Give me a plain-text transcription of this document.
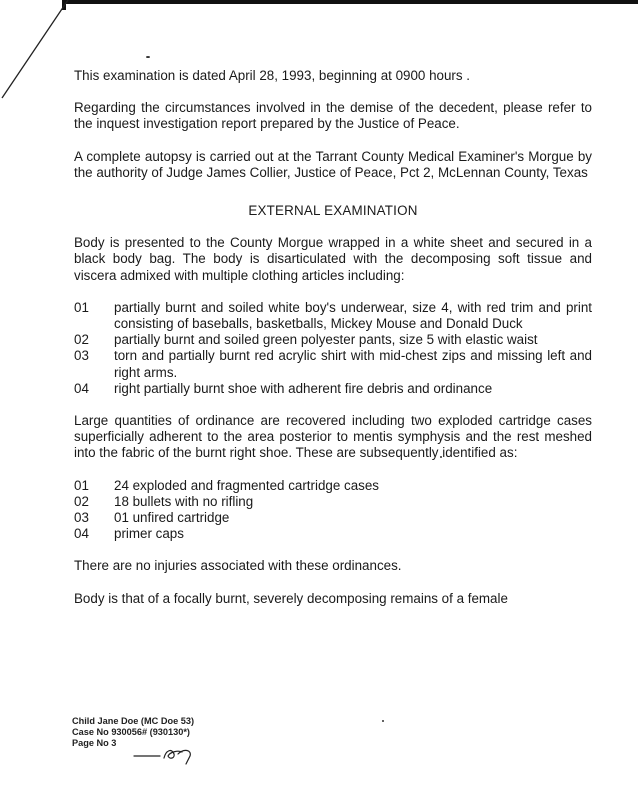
This examination is dated April 28, 1993, beginning at 0900 hours .

Regarding the circumstances involved in the demise of the decedent, please refer to the inquest investigation report prepared by the Justice of Peace.

A complete autopsy is carried out at the Tarrant County Medical Examiner's Morgue by the authority of Judge James Collier, Justice of Peace, Pct 2, McLennan County, Texas

EXTERNAL EXAMINATION

Body is presented to the County Morgue wrapped in a white sheet and secured in a black body bag. The body is disarticulated with the decomposing soft tissue and viscera admixed with multiple clothing articles including:

01	partially burnt and soiled white boy's underwear, size 4, with red trim and print consisting of baseballs, basketballs, Mickey Mouse and Donald Duck
02	partially burnt and soiled green polyester pants, size 5 with elastic waist
03	torn and partially burnt red acrylic shirt with mid-chest zips and missing left and right arms.
04	right partially burnt shoe with adherent fire debris and ordinance

Large quantities of ordinance are recovered including two exploded cartridge cases superficially adherent to the area posterior to mentis symphysis and the rest meshed into the fabric of the burnt right shoe. These are subsequently identified as:

01	24 exploded and fragmented cartridge cases
02	18 bullets with no rifling
03	01 unfired cartridge
04	primer caps

There are no injuries associated with these ordinances.

Body is that of a focally burnt, severely decomposing remains of a female

Child Jane Doe (MC Doe 53)
Case No 930056# (930130*)
Page No 3
